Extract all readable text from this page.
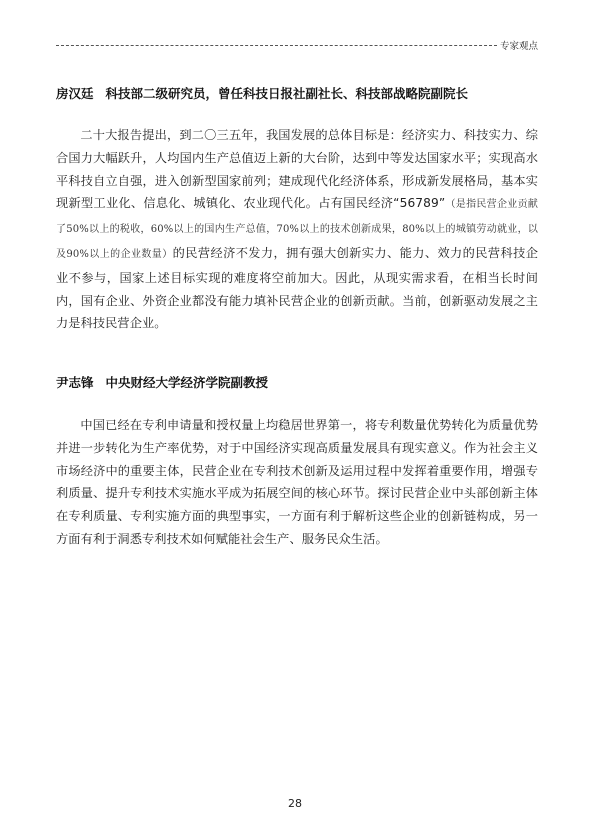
专家观点
房汉廷 科技部二级研究员，曾任科技日报社副社长、科技部战略院副院长

二十大报告提出，到二〇三五年，我国发展的总体目标是：经济实力、科技实力、综合国力大幅跃升，人均国内生产总值迈上新的大台阶，达到中等发达国家水平；实现高水平科技自立自强，进入创新型国家前列；建成现代化经济体系，形成新发展格局，基本实现新型工业化、信息化、城镇化、农业现代化。占有国民经济“56789”（是指民营企业贡献了50%以上的税收，60%以上的国内生产总值，70%以上的技术创新成果，80%以上的城镇劳动就业，以及90%以上的企业数量）的民营经济不发力，拥有强大创新实力、能力、效力的民营科技企业不参与，国家上述目标实现的难度将空前加大。因此，从现实需求看，在相当长时间内，国有企业、外资企业都没有能力填补民营企业的创新贡献。当前，创新驱动发展之主力是科技民营企业。

尹志锋 中央财经大学经济学院副教授

中国已经在专利申请量和授权量上均稳居世界第一，将专利数量优势转化为质量优势并进一步转化为生产率优势，对于中国经济实现高质量发展具有现实意义。作为社会主义市场经济中的重要主体，民营企业在专利技术创新及运用过程中发挥着重要作用，增强专利质量、提升专利技术实施水平成为拓展空间的核心环节。探讨民营企业中头部创新主体在专利质量、专利实施方面的典型事实，一方面有利于解析这些企业的创新链构成，另一方面有利于洞悉专利技术如何赋能社会生产、服务民众生活。

28
